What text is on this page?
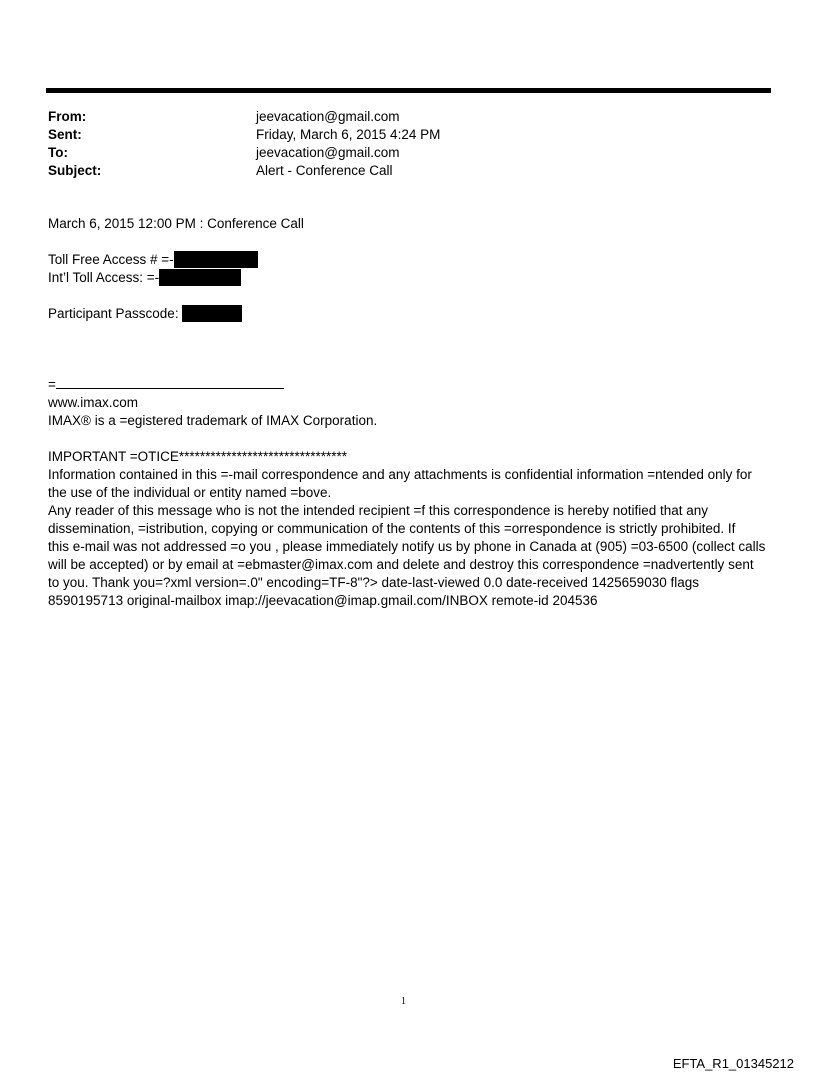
From:	jeevacation@gmail.com
Sent:	Friday, March 6, 2015 4:24 PM
To:	jeevacation@gmail.com
Subject:	Alert - Conference Call
March 6, 2015 12:00 PM : Conference Call
Toll Free Access # =-
Int’l Toll Access: =-
Participant Passcode:
=
www.imax.com
IMAX® is a =egistered trademark of IMAX Corporation.
IMPORTANT =OTICE********************************
Information contained in this =-mail correspondence and any attachments is confidential information =ntended only for
the use of the individual or entity named =bove.
Any reader of this message who is not the intended recipient =f this correspondence is hereby notified that any
dissemination, =istribution, copying or communication of the contents of this =orrespondence is strictly prohibited. If
this e-mail was not addressed =o you , please immediately notify us by phone in Canada at (905) =03-6500 (collect calls
will be accepted) or by email at =ebmaster@imax.com and delete and destroy this correspondence =nadvertently sent
to you. Thank you=?xml version=.0" encoding=TF-8"?> date-last-viewed 0.0 date-received 1425659030 flags
8590195713 original-mailbox imap://jeevacation@imap.gmail.com/INBOX remote-id 204536
1
EFTA_R1_01345212
